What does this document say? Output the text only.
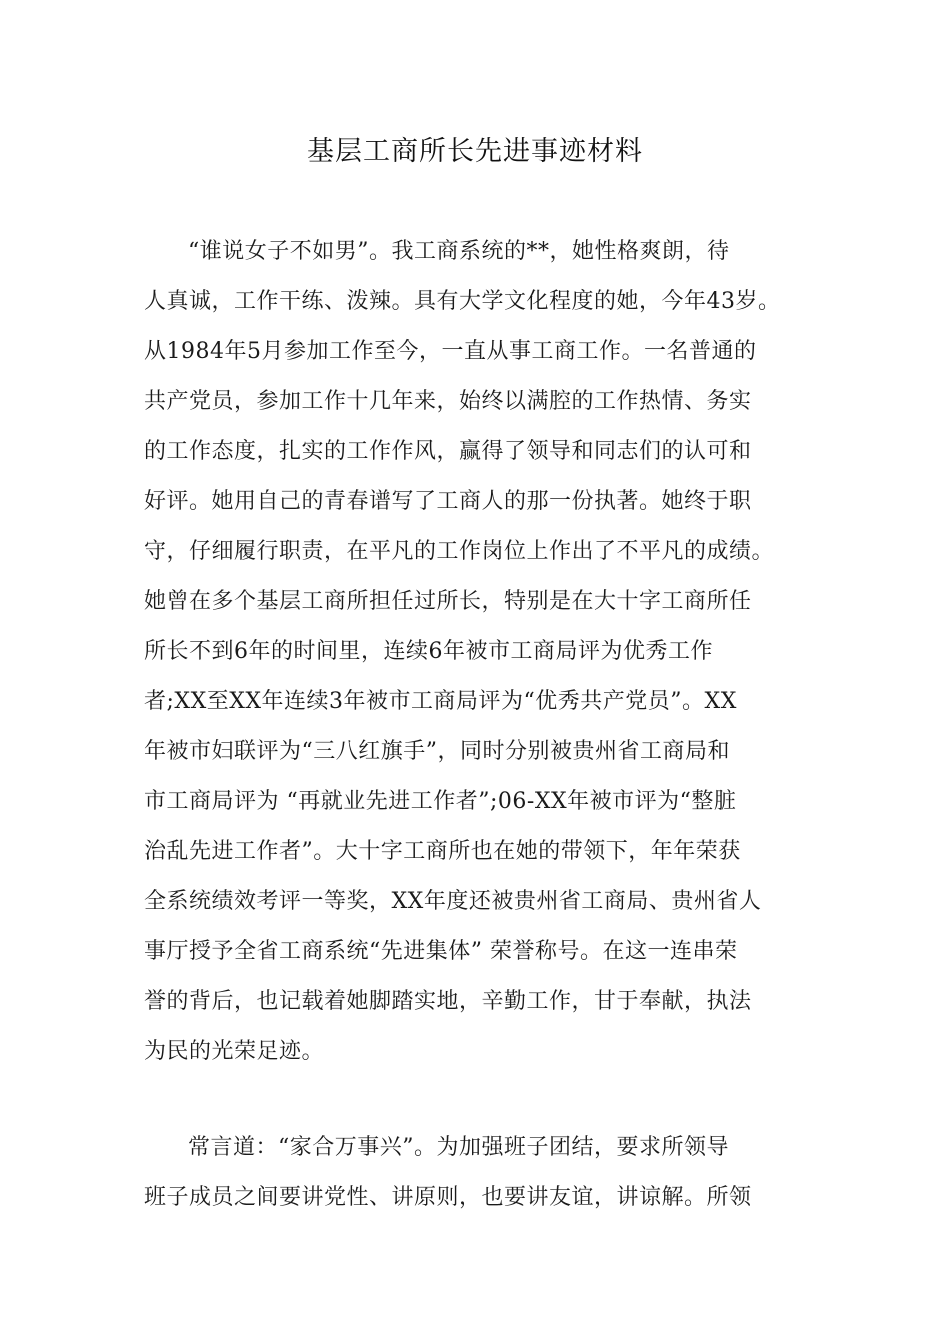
基层工商所长先进事迹材料
“谁说女子不如男”。我工商系统的**，她性格爽朗，待
人真诚，工作干练、泼辣。具有大学文化程度的她，今年43岁。
从1984年5月参加工作至今，一直从事工商工作。一名普通的
共产党员，参加工作十几年来，始终以满腔的工作热情、务实
的工作态度，扎实的工作作风，赢得了领导和同志们的认可和
好评。她用自己的青春谱写了工商人的那一份执著。她终于职
守，仔细履行职责，在平凡的工作岗位上作出了不平凡的成绩。
她曾在多个基层工商所担任过所长，特别是在大十字工商所任
所长不到6年的时间里，连续6年被市工商局评为优秀工作
者;XX至XX年连续3年被市工商局评为“优秀共产党员”。XX
年被市妇联评为“三八红旗手”，同时分别被贵州省工商局和
市工商局评为 “再就业先进工作者”;06-XX年被市评为“整脏
治乱先进工作者”。大十字工商所也在她的带领下，年年荣获
全系统绩效考评一等奖，XX年度还被贵州省工商局、贵州省人
事厅授予全省工商系统“先进集体” 荣誉称号。在这一连串荣
誉的背后，也记载着她脚踏实地，辛勤工作，甘于奉献，执法
为民的光荣足迹。
常言道：“家合万事兴”。为加强班子团结，要求所领导
班子成员之间要讲党性、讲原则，也要讲友谊，讲谅解。所领
